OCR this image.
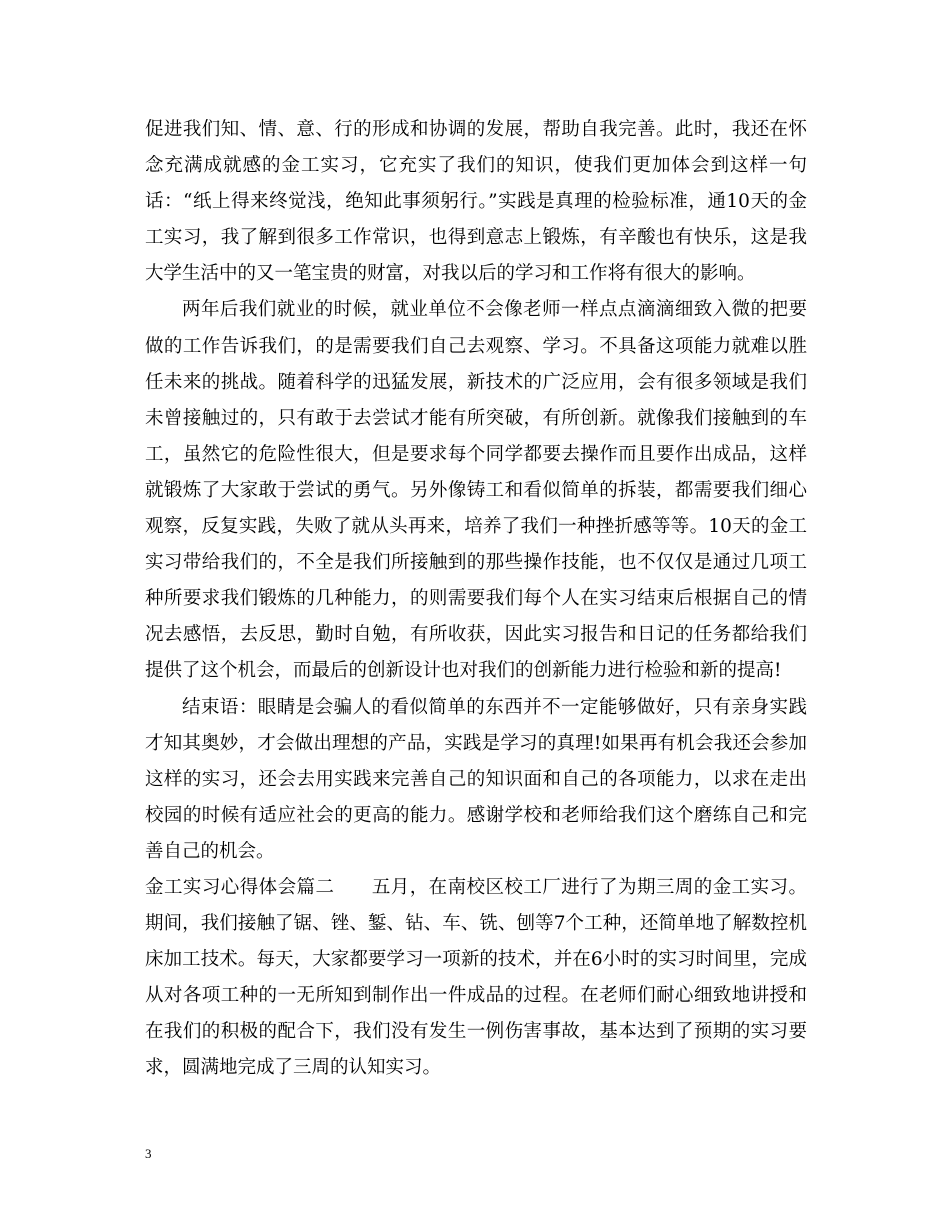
促进我们知、情、意、行的形成和协调的发展，帮助自我完善。此时，我还在怀念充满成就感的金工实习，它充实了我们的知识，使我们更加体会到这样一句话：“纸上得来终觉浅，绝知此事须躬行。”实践是真理的检验标准，通10天的金工实习，我了解到很多工作常识，也得到意志上锻炼，有辛酸也有快乐，这是我大学生活中的又一笔宝贵的财富，对我以后的学习和工作将有很大的影响。

两年后我们就业的时候，就业单位不会像老师一样点点滴滴细致入微的把要做的工作告诉我们，的是需要我们自己去观察、学习。不具备这项能力就难以胜任未来的挑战。随着科学的迅猛发展，新技术的广泛应用，会有很多领域是我们未曾接触过的，只有敢于去尝试才能有所突破，有所创新。就像我们接触到的车工，虽然它的危险性很大，但是要求每个同学都要去操作而且要作出成品，这样就锻炼了大家敢于尝试的勇气。另外像铸工和看似简单的拆装，都需要我们细心观察，反复实践，失败了就从头再来，培养了我们一种挫折感等等。10天的金工实习带给我们的，不全是我们所接触到的那些操作技能，也不仅仅是通过几项工种所要求我们锻炼的几种能力，的则需要我们每个人在实习结束后根据自己的情况去感悟，去反思，勤时自勉，有所收获，因此实习报告和日记的任务都给我们提供了这个机会，而最后的创新设计也对我们的创新能力进行检验和新的提高!

结束语：眼睛是会骗人的看似简单的东西并不一定能够做好，只有亲身实践才知其奥妙，才会做出理想的产品，实践是学习的真理!如果再有机会我还会参加这样的实习，还会去用实践来完善自己的知识面和自己的各项能力，以求在走出校园的时候有适应社会的更高的能力。感谢学校和老师给我们这个磨练自己和完善自己的机会。

金工实习心得体会篇二 五月，在南校区校工厂进行了为期三周的金工实习。期间，我们接触了锯、锉、錾、钻、车、铣、刨等7个工种，还简单地了解数控机床加工技术。每天，大家都要学习一项新的技术，并在6小时的实习时间里，完成从对各项工种的一无所知到制作出一件成品的过程。在老师们耐心细致地讲授和在我们的积极的配合下，我们没有发生一例伤害事故，基本达到了预期的实习要求，圆满地完成了三周的认知实习。

3
